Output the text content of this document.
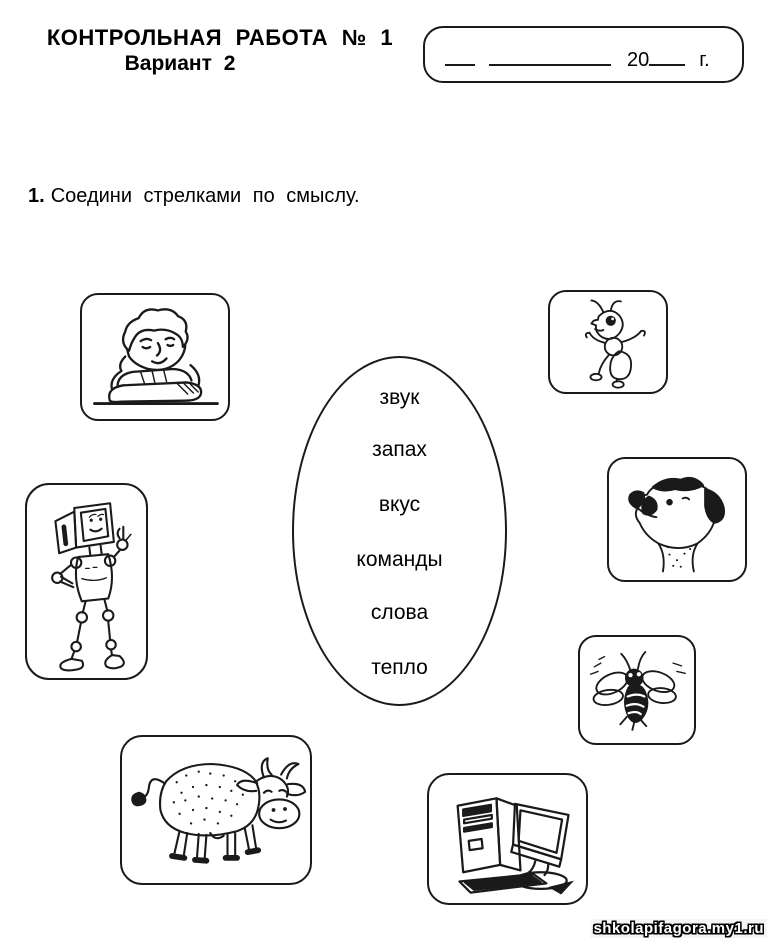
КОНТРОЛЬНАЯ РАБОТА № 1
Вариант 2	20	г.
1. Соедини стрелками по смыслу.
звук
запах
вкус
команды
слова
тепло
shkolapifagora.my1.ru
